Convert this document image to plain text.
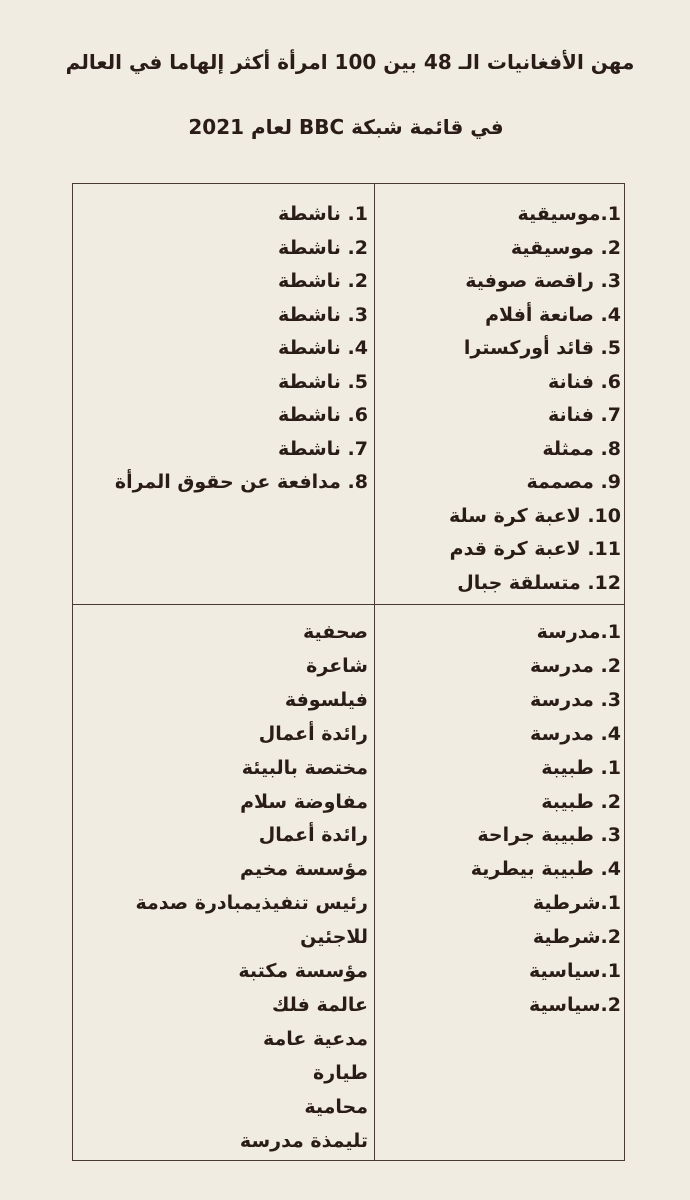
مهن الأفغانيات الـ 48 بين 100 امرأة أكثر إلهاما في العالم
في قائمة شبكة BBC لعام 2021
1.موسيقية
2. موسيقية
3. راقصة صوفية
4. صانعة أفلام
5. قائد أوركسترا
6. فنانة
7. فنانة
8. ممثلة
9. مصممة
10. لاعبة كرة سلة
11. لاعبة كرة قدم
12. متسلقة جبال
1. ناشطة
2. ناشطة
2. ناشطة
3. ناشطة
4. ناشطة
5. ناشطة
6. ناشطة
7. ناشطة
8. مدافعة عن حقوق المرأة
1.مدرسة
2. مدرسة
3. مدرسة
4. مدرسة
1. طبيبة
2. طبيبة
3. طبيبة جراحة
4. طبيبة بيطرية
1.شرطية
2.شرطية
1.سياسية
2.سياسية
صحفية
شاعرة
فيلسوفة
رائدة أعمال
مختصة بالبيئة
مفاوضة سلام
رائدة أعمال
مؤسسة مخيم
رئيس تنفيذيمبادرة صدمة للاجئين
مؤسسة مكتبة
عالمة فلك
مدعية عامة
طيارة
محامية
تليمذة مدرسة
